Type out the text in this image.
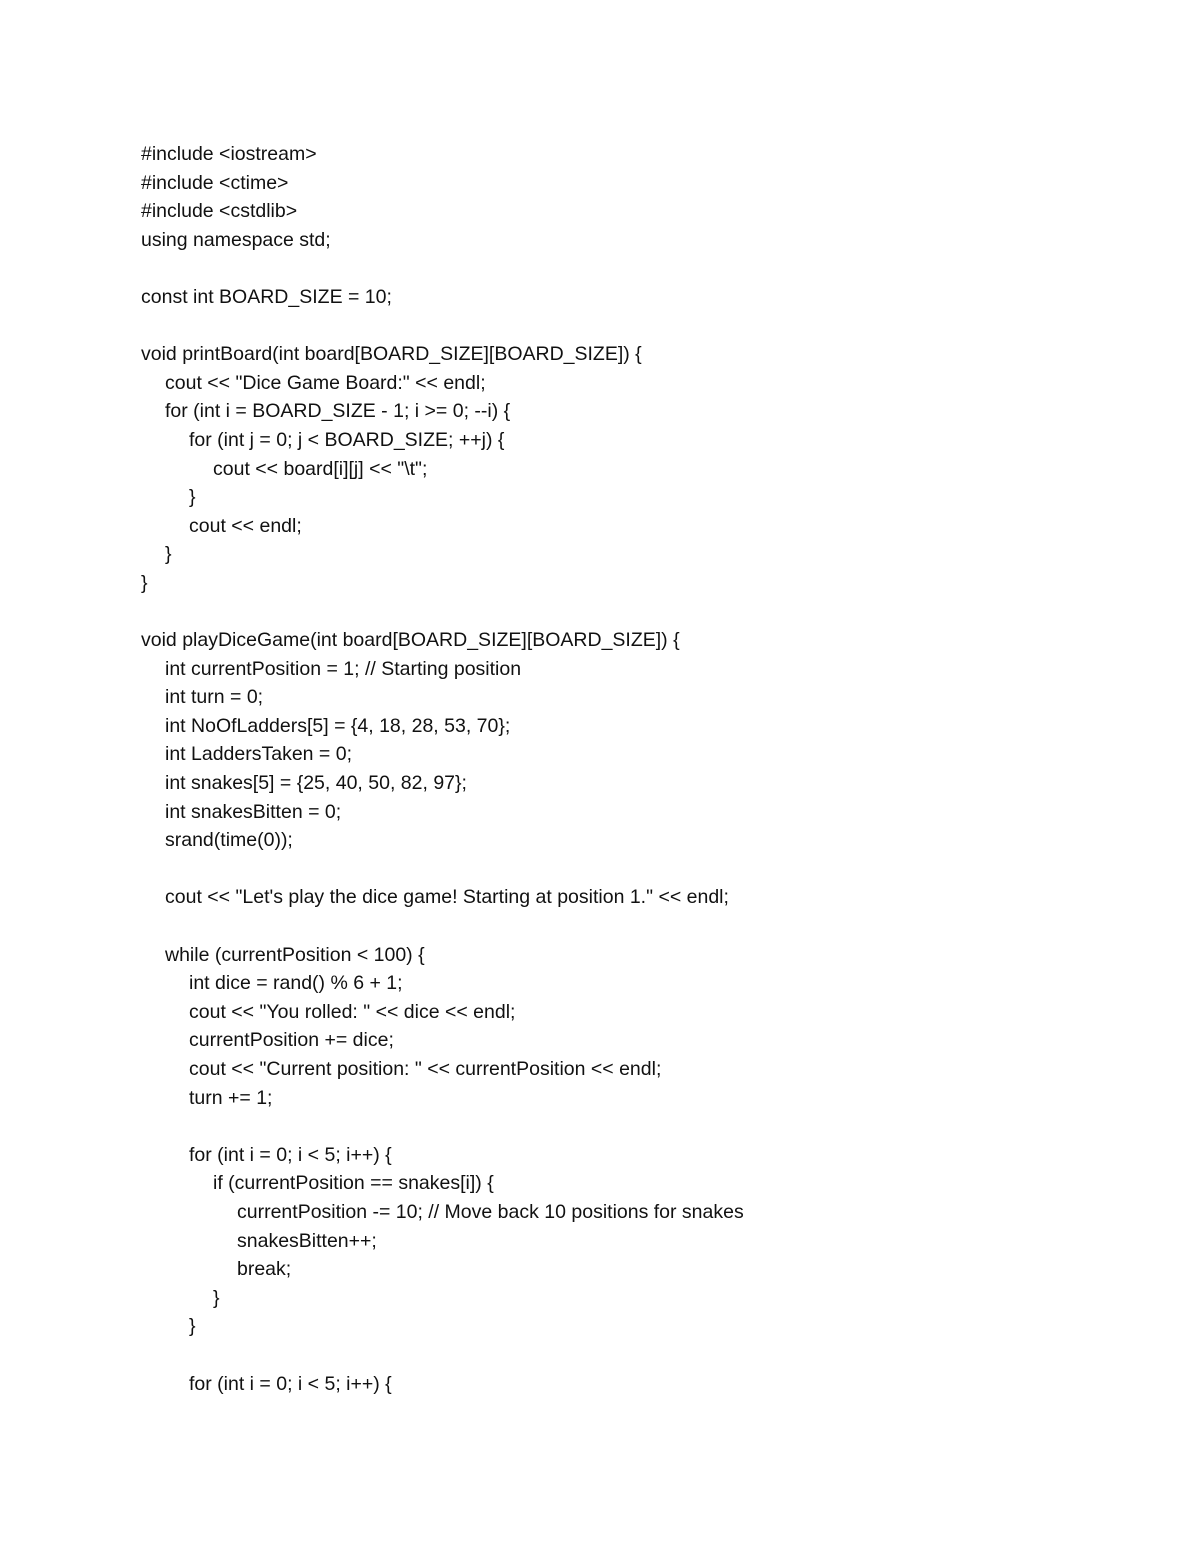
#include <iostream>
#include <ctime>
#include <cstdlib>
using namespace std;
const int BOARD_SIZE = 10;
void printBoard(int board[BOARD_SIZE][BOARD_SIZE]) {
cout << "Dice Game Board:" << endl;
for (int i = BOARD_SIZE - 1; i >= 0; --i) {
for (int j = 0; j < BOARD_SIZE; ++j) {
cout << board[i][j] << "\t";
}
cout << endl;
}
}
void playDiceGame(int board[BOARD_SIZE][BOARD_SIZE]) {
int currentPosition = 1; // Starting position
int turn = 0;
int NoOfLadders[5] = {4, 18, 28, 53, 70};
int LaddersTaken = 0;
int snakes[5] = {25, 40, 50, 82, 97};
int snakesBitten = 0;
srand(time(0));
cout << "Let's play the dice game! Starting at position 1." << endl;
while (currentPosition < 100) {
int dice = rand() % 6 + 1;
cout << "You rolled: " << dice << endl;
currentPosition += dice;
cout << "Current position: " << currentPosition << endl;
turn += 1;
for (int i = 0; i < 5; i++) {
if (currentPosition == snakes[i]) {
currentPosition -= 10; // Move back 10 positions for snakes
snakesBitten++;
break;
}
}
for (int i = 0; i < 5; i++) {
